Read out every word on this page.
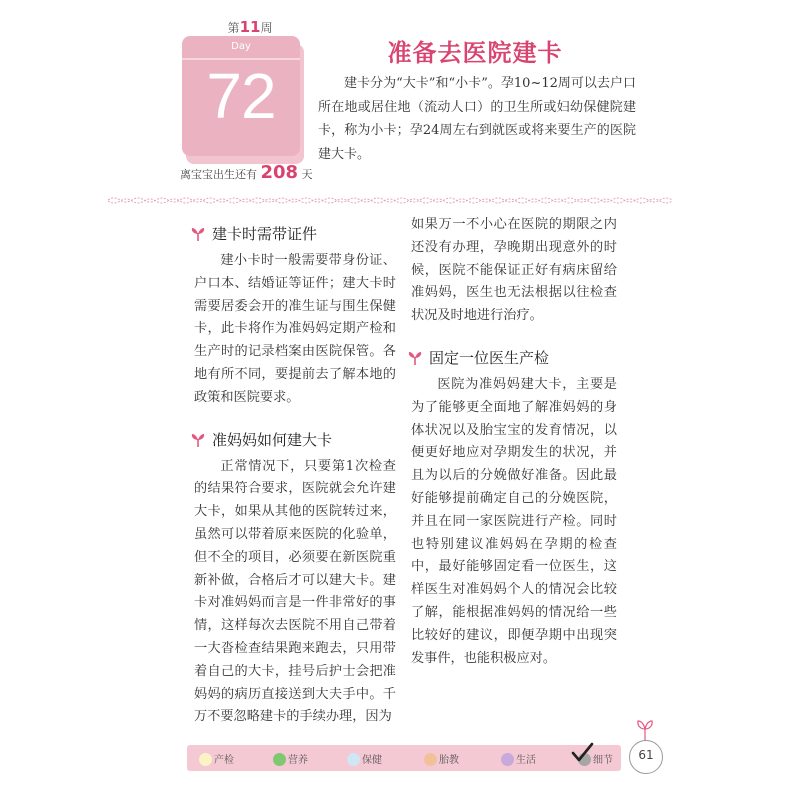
第11周
Day
72
离宝宝出生还有 208 天
准备去医院建卡

建卡分为“大卡”和“小卡”。孕10~12周可以去户口所在地或居住地（流动人口）的卫生所或妇幼保健院建卡，称为小卡；孕24周左右到就医或将来要生产的医院建大卡。

建卡时需带证件

建小卡时一般需要带身份证、户口本、结婚证等证件；建大卡时需要居委会开的准生证与围生保健卡，此卡将作为准妈妈定期产检和生产时的记录档案由医院保管。各地有所不同，要提前去了解本地的政策和医院要求。

准妈妈如何建大卡

正常情况下，只要第1次检查的结果符合要求，医院就会允许建大卡，如果从其他的医院转过来，虽然可以带着原来医院的化验单，但不全的项目，必须要在新医院重新补做，合格后才可以建大卡。建卡对准妈妈而言是一件非常好的事情，这样每次去医院不用自己带着一大沓检查结果跑来跑去，只用带着自己的大卡，挂号后护士会把准妈妈的病历直接送到大夫手中。千万不要忽略建卡的手续办理，因为

如果万一不小心在医院的期限之内还没有办理，孕晚期出现意外的时候，医院不能保证正好有病床留给准妈妈，医生也无法根据以往检查状况及时地进行治疗。

固定一位医生产检

医院为准妈妈建大卡，主要是为了能够更全面地了解准妈妈的身体状况以及胎宝宝的发育情况，以便更好地应对孕期发生的状况，并且为以后的分娩做好准备。因此最好能够提前确定自己的分娩医院，并且在同一家医院进行产检。同时也特别建议准妈妈在孕期的检查中，最好能够固定看一位医生，这样医生对准妈妈个人的情况会比较了解，能根据准妈妈的情况给一些比较好的建议，即便孕期中出现突发事件，也能积极应对。

产检	营养	保健	胎教	生活	细节	61
